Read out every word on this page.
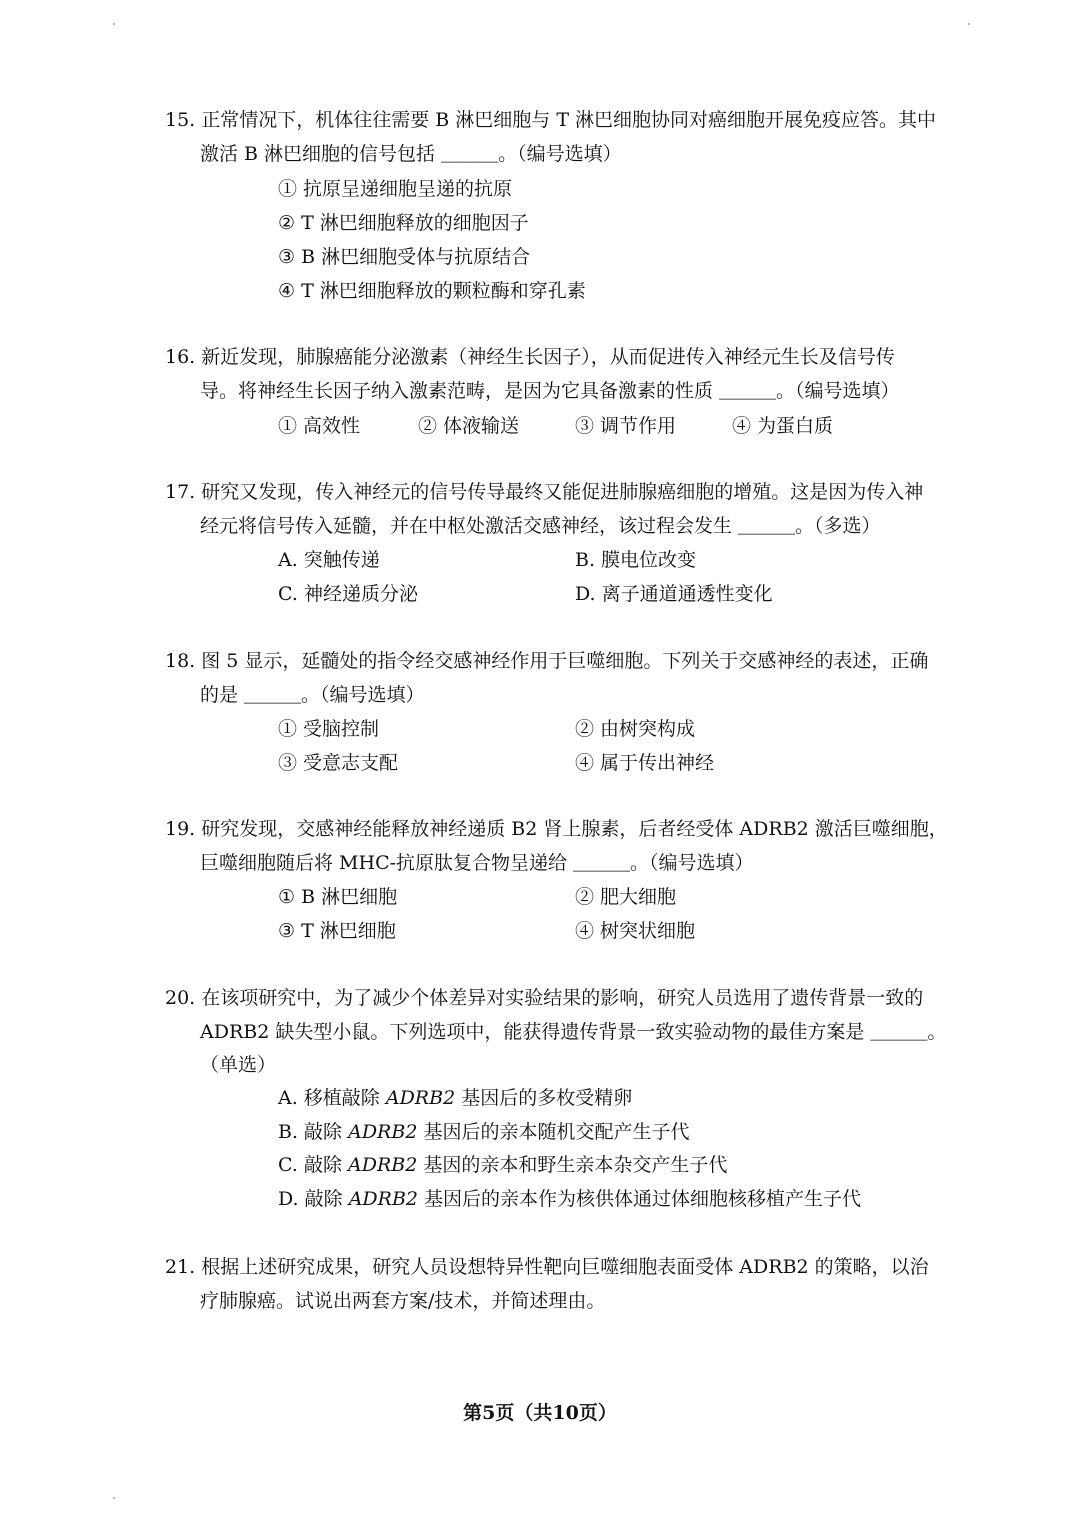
15. 正常情况下，机体往往需要 B 淋巴细胞与 T 淋巴细胞协同对癌细胞开展免疫应答。其中
激活 B 淋巴细胞的信号包括 ＿＿＿。（编号选填）
① 抗原呈递细胞呈递的抗原
② T 淋巴细胞释放的细胞因子
③ B 淋巴细胞受体与抗原结合
④ T 淋巴细胞释放的颗粒酶和穿孔素
16. 新近发现，肺腺癌能分泌激素（神经生长因子），从而促进传入神经元生长及信号传
导。将神经生长因子纳入激素范畴，是因为它具备激素的性质 ＿＿＿。（编号选填）
① 高效性	② 体液输送	③ 调节作用	④ 为蛋白质
17. 研究又发现，传入神经元的信号传导最终又能促进肺腺癌细胞的增殖。这是因为传入神
经元将信号传入延髓，并在中枢处激活交感神经，该过程会发生 ＿＿＿。（多选）
A. 突触传递	B. 膜电位改变
C. 神经递质分泌	D. 离子通道通透性变化
18. 图 5 显示，延髓处的指令经交感神经作用于巨噬细胞。下列关于交感神经的表述，正确
的是 ＿＿＿。（编号选填）
① 受脑控制	② 由树突构成
③ 受意志支配	④ 属于传出神经
19. 研究发现，交感神经能释放神经递质 B2 肾上腺素，后者经受体 ADRB2 激活巨噬细胞，
巨噬细胞随后将 MHC-抗原肽复合物呈递给 ＿＿＿。（编号选填）
① B 淋巴细胞	② 肥大细胞
③ T 淋巴细胞	④ 树突状细胞
20. 在该项研究中，为了减少个体差异对实验结果的影响，研究人员选用了遗传背景一致的
ADRB2 缺失型小鼠。下列选项中，能获得遗传背景一致实验动物的最佳方案是 ＿＿＿。
（单选）
A. 移植敲除 ADRB2 基因后的多枚受精卵
B. 敲除 ADRB2 基因后的亲本随机交配产生子代
C. 敲除 ADRB2 基因的亲本和野生亲本杂交产生子代
D. 敲除 ADRB2 基因后的亲本作为核供体通过体细胞核移植产生子代
21. 根据上述研究成果，研究人员设想特异性靶向巨噬细胞表面受体 ADRB2 的策略，以治
疗肺腺癌。试说出两套方案/技术，并简述理由。
第5页（共10页）
